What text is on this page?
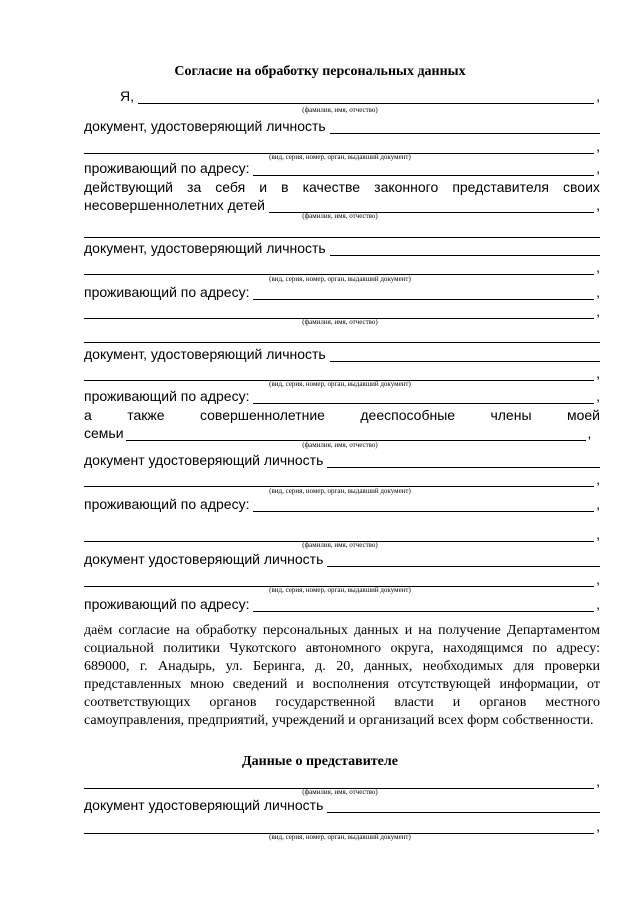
Согласие на обработку персональных данных
Я,	,
(фамилия, имя, отчество)
документ, удостоверяющий личность
,
(вид, серия, номер, орган, выдавший документ)
проживающий по адресу:	,
действующий за себя и в качестве законного представителя своих
несовершеннолетних детей	,
(фамилия, имя, отчество)
документ, удостоверяющий личность
,
(вид, серия, номер, орган, выдавший документ)
проживающий по адресу:	,
,
(фамилия, имя, отчество)
документ, удостоверяющий личность
,
(вид, серия, номер, орган, выдавший документ)
проживающий по адресу:	,
а	также	совершеннолетние	дееспособные	члены	моей
семьи	,
(фамилия, имя, отчество)
документ удостоверяющий личность
,
(вид, серия, номер, орган, выдавший документ)
проживающий по адресу:	,
,
(фамилия, имя, отчество)
документ удостоверяющий личность
,
(вид, серия, номер, орган, выдавший документ)
проживающий по адресу:	,
даём согласие на обработку персональных данных и на получение Департаментом социальной политики Чукотского автономного округа, находящимся по адресу: 689000, г. Анадырь, ул. Беринга, д. 20, данных, необходимых для проверки представленных мною сведений и восполнения отсутствующей информации, от соответствующих органов государственной власти и органов местного самоуправления, предприятий, учреждений и организаций всех форм собственности.
Данные о представителе
,
(фамилия, имя, отчество)
документ удостоверяющий личность
,
(вид, серия, номер, орган, выдавший документ)
